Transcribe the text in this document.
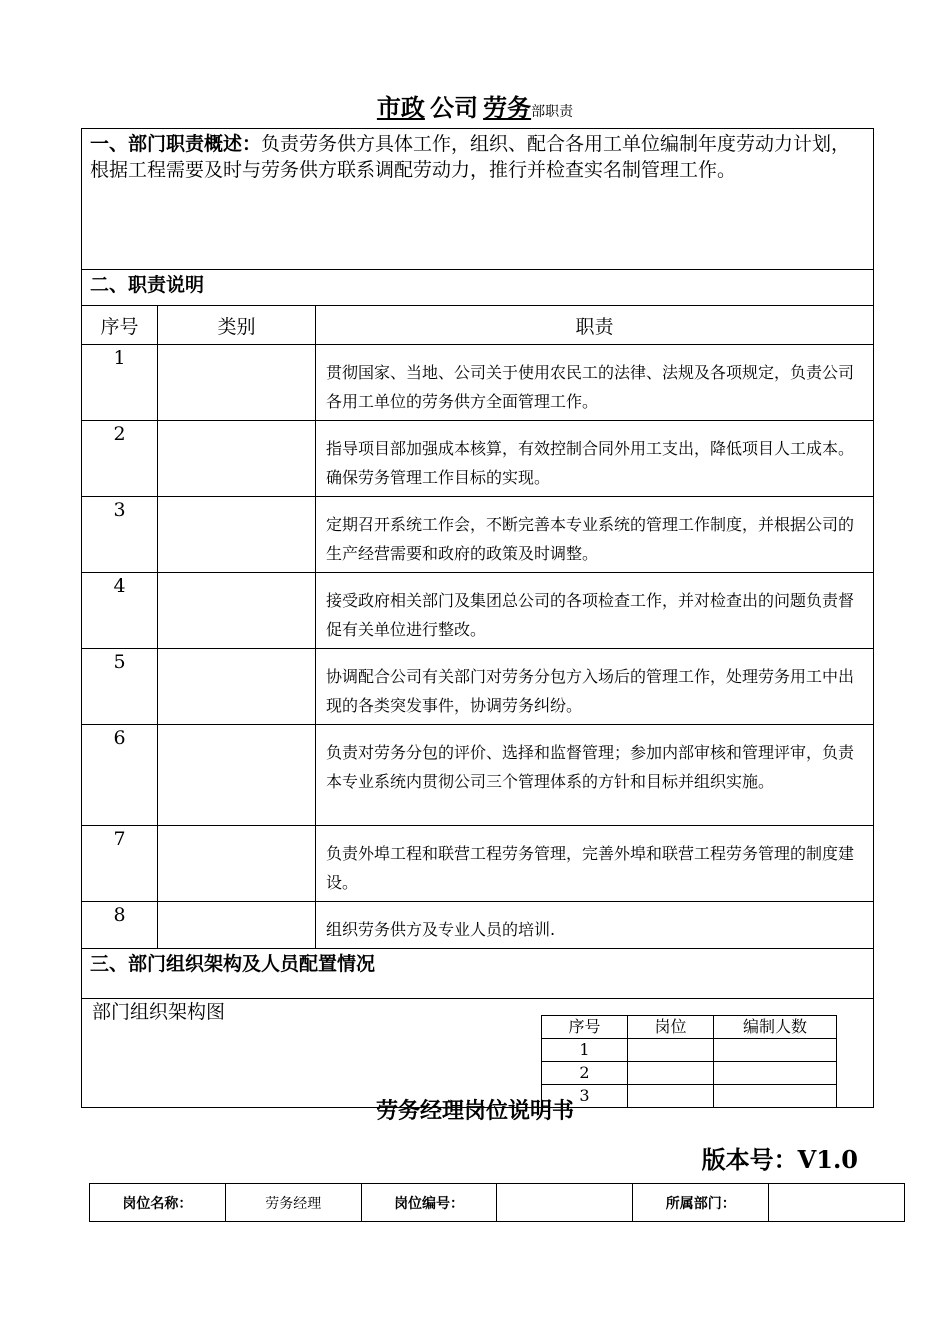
市政 公司 劳务部职责
一、部门职责概述：负责劳务供方具体工作，组织、配合各用工单位编制年度劳动力计划，根据工程需要及时与劳务供方联系调配劳动力，推行并检查实名制管理工作。
二、职责说明
序号	类别	职责
1		贯彻国家、当地、公司关于使用农民工的法律、法规及各项规定，负责公司各用工单位的劳务供方全面管理工作。
2		指导项目部加强成本核算，有效控制合同外用工支出，降低项目人工成本。确保劳务管理工作目标的实现。
3		定期召开系统工作会，不断完善本专业系统的管理工作制度，并根据公司的生产经营需要和政府的政策及时调整。
4		接受政府相关部门及集团总公司的各项检查工作，并对检查出的问题负责督促有关单位进行整改。
5		协调配合公司有关部门对劳务分包方入场后的管理工作，处理劳务用工中出现的各类突发事件，协调劳务纠纷。
6		负责对劳务分包的评价、选择和监督管理；参加内部审核和管理评审，负责本专业系统内贯彻公司三个管理体系的方针和目标并组织实施。
7		负责外埠工程和联营工程劳务管理，完善外埠和联营工程劳务管理的制度建设。
8		组织劳务供方及专业人员的培训.
三、部门组织架构及人员配置情况

部门组织架构图
序号	岗位	编制人数
1		
2		
3		
劳务经理岗位说明书
版本号：V1.0
岗位名称：	劳务经理	岗位编号：		所属部门：	
